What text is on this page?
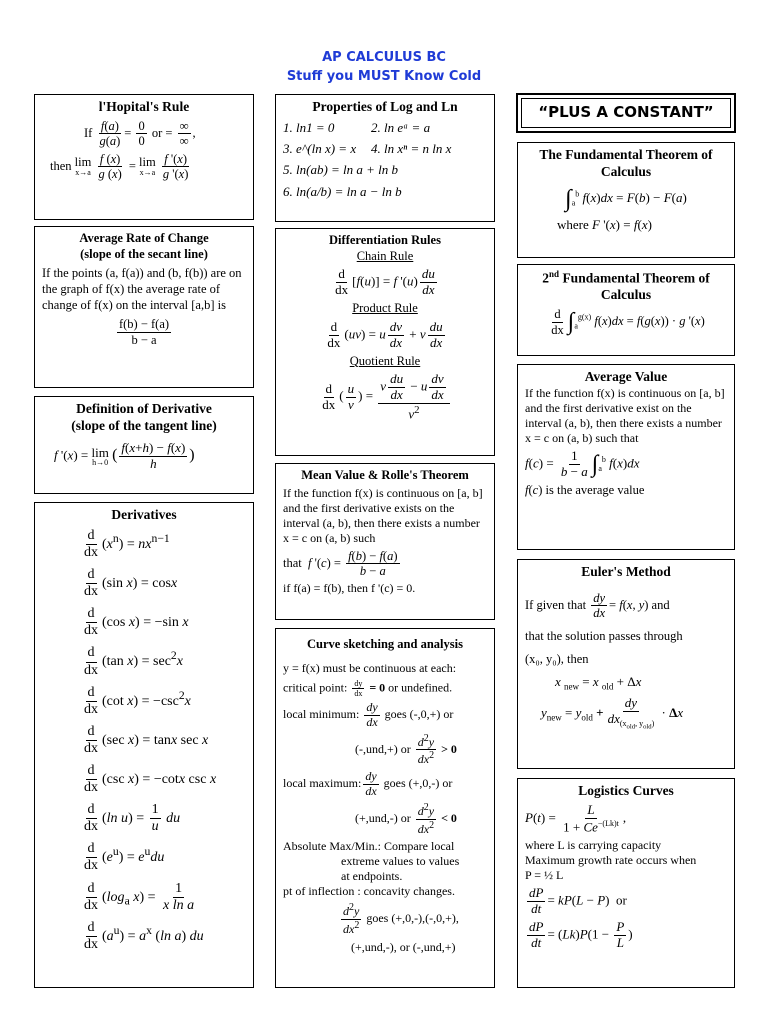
AP CALCULUS BC
Stuff you MUST Know Cold
l'Hopital's Rule
If $\frac{f(a)}{g(a)} = \frac{0}{0}$ or = $\frac{\infty}{\infty}$ ,
then lim
x→a
$\frac{f (x)}{g (x)} = \lim$
x→a
$\frac{f '(x)}{g '(x)}$
Average Rate of Change
(slope of the secant line)
If the points (a, f(a)) and (b, f(b)) are on the graph of f(x) the average rate of change of f(x) on the interval [a,b] is
$\frac{f(b) - f(a)}{b - a}$
Definition of Derivative
(slope of the tangent line)
f '(x) = lim
h→0 ( $\frac{f(x+h) - f(x)}{h}$ )
Derivatives
$\frac{d}{dx} (x^n) = nx^{n-1}$
$\frac{d}{dx} (\sin$ x) = cosx
$\frac{d}{dx} (\cos$ x) = −sin x
$\frac{d}{dx} (\tan$ $x) = \sec^2x$
$\frac{d}{dx} (\cot$ $x) = -\csc^2x$
$\frac{d}{dx} (\sec$ x) = tanx sec x
$\frac{d}{dx} (\csc$ x) = −cotx csc x
$\frac{d}{dx} (\ln$ $u) = \frac{1}{u}$ du
$\frac{d}{dx} (e^u) = e^udu$
$\frac{d}{dx} (\log_a$ $x) = \frac{1}{\text{x ln a}}$
$\frac{d}{dx} (a^u) = a^x$ (ln a) du
Properties of Log and Ln
1. ln1 = 0	2. ln eᵃ = a
3. e^(ln x) = x	4. ln xⁿ = n ln x
5. ln(ab) = ln a + ln b
6. ln(a/b) = ln a − ln b
Differentiation Rules
Chain Rule
$\frac{d}{dx} [f(u)] = f$ '$(u) \frac{du}{dx}$
Product Rule
$\frac{d}{dx} (uv) = u \frac{dv}{dx} + v \frac{du}{dx}$
Quotient Rule
$\frac{d}{dx}$ ( $\frac{u}{v}$ ) = $\frac{v \frac{du}{dx} - u \frac{dv}{dx}}{v^2}$
Mean Value & Rolle's Theorem
If the function f(x) is continuous on [a, b] and the first derivative exists on the interval (a, b), then there exists a number x = c on (a, b) such
that f '$(c) = \frac{f(b) - f(a)}{b - a}$
if f(a) = f(b), then f '(c) = 0.
Curve sketching and analysis
y = f(x) must be continuous at each:
critical point: $\frac{dy}{dx} = 0$ or undefined.
local minimum: $\frac{dy}{dx}$ goes (-,0,+) or
(-,und,+) or $\frac{d^2y}{dx^2} > 0$
local maximum: $\frac{dy}{dx}$ goes (+,0,-) or
(+,und,-) or $\frac{d^2y}{dx^2} < 0$
Absolute Max/Min.: Compare local
extreme values to values
at endpoints.
pt of inflection : concavity changes.
$\frac{d^2y}{dx^2}$ goes (+,0,-),(-,0,+),
(+,und,-), or (-,und,+)
“PLUS A CONSTANT”
The Fundamental Theorem of Calculus
$\int_a^b$ f(x)dx = F(b) − F(a)
where F '(x) = f(x)
2nd Fundamental Theorem of Calculus
$\frac{d}{dx} \int_a^{g(x)}$ f(x)dx = f(g(x)) · g '(x)
Average Value
If the function f(x) is continuous on [a, b] and the first derivative exist on the interval (a, b), then there exists a number x = c on (a, b) such that
$f(c) = \frac{1}{b - a} \int_a^b$ f(x)dx
f(c) is the average value
Euler's Method
If given that $\frac{dy}{dx} = f(x$, y) and
that the solution passes through
(x₀, y₀), then
x $_{new}$ = x $_{old}$ + Δx
$y_{new} = y_{old} + \frac{dy}{dx_{(x_{old}, y_{old})}} \cdot \Delta x$
Logistics Curves
$P(t) = \frac{L}{1 + Ce^{-(Lk)t}}$ ,
where L is carrying capacity
Maximum growth rate occurs when
P = ½ L
$\frac{dP}{dt} = kP(L - P)$  or
$\frac{dP}{dt} = (Lk)P(1 - \frac{P}{L}$ )
